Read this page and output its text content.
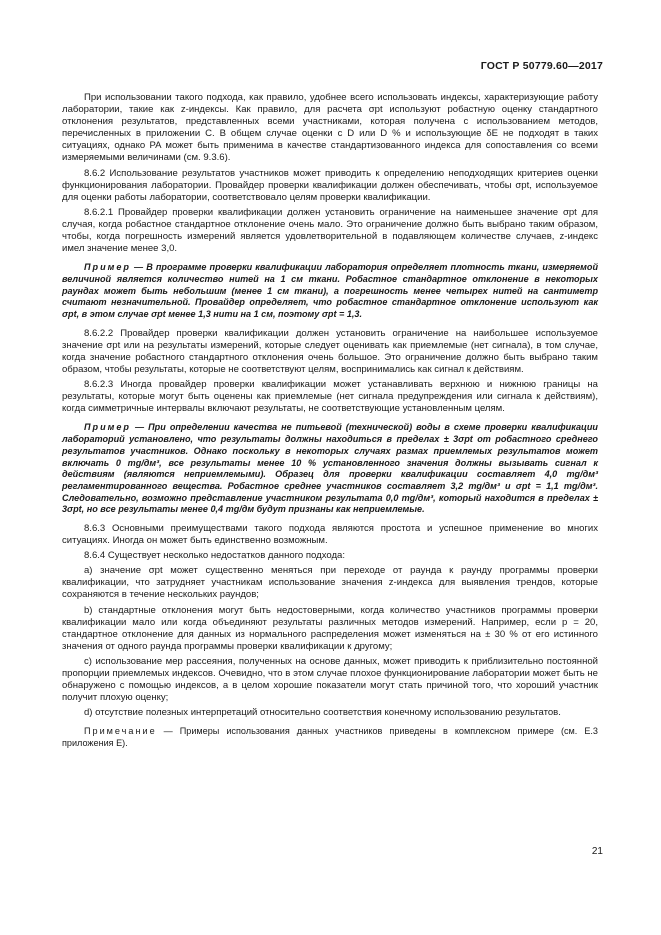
ГОСТ Р 50779.60—2017

При использовании такого подхода, как правило, удобнее всего использовать индексы, характеризующие работу лаборатории, такие как z-индексы. Как правило, для расчета σpt используют робастную оценку стандартного отклонения результатов, представленных всеми участниками, которая получена с использованием методов, перечисленных в приложении С. В общем случае оценки с D или D % и использующие δE не подходят в таких ситуациях, однако PA может быть применима в качестве стандартизованного индекса для сопоставления со всеми измеряемыми величинами (см. 9.3.6).

8.6.2 Использование результатов участников может приводить к определению неподходящих критериев оценки функционирования лаборатории. Провайдер проверки квалификации должен обеспечивать, чтобы σpt, используемое для оценки работы лаборатории, соответствовало целям проверки квалификации.

8.6.2.1 Провайдер проверки квалификации должен установить ограничение на наименьшее значение σpt для случая, когда робастное стандартное отклонение очень мало. Это ограничение должно быть выбрано таким образом, чтобы, когда погрешность измерений является удовлетворительной в подавляющем количестве случаев, z-индекс имел значение менее 3,0.

Пример — В программе проверки квалификации лаборатория определяет плотность ткани, измеряемой величиной является количество нитей на 1 см ткани. Робастное стандартное отклонение в некоторых раундах может быть небольшим (менее 1 см ткани), а погрешность менее четырех нитей на сантиметр считают незначительной. Провайдер определяет, что робастное стандартное отклонение используют как σpt, в этом случае σpt менее 1,3 нити на 1 см, поэтому σpt = 1,3.

8.6.2.2 Провайдер проверки квалификации должен установить ограничение на наибольшее используемое значение σpt или на результаты измерений, которые следует оценивать как приемлемые (нет сигнала), в том случае, когда значение робастного стандартного отклонения очень большое. Это ограничение должно быть выбрано таким образом, чтобы результаты, которые не соответствуют целям, воспринимались как сигнал к действиям.

8.6.2.3 Иногда провайдер проверки квалификации может устанавливать верхнюю и нижнюю границы на результаты, которые могут быть оценены как приемлемые (нет сигнала предупреждения или сигнала к действиям), когда симметричные интервалы включают результаты, не соответствующие установленным целям.

Пример — При определении качества не питьевой (технической) воды в схеме проверки квалификации лабораторий установлено, что результаты должны находиться в пределах ± 3σpt от робастного среднего результатов участников. Однако поскольку в некоторых случаях размах приемлемых результатов может включать 0 mg/дм³, все результаты менее 10 % установленного значения должны вызывать сигнал к действиям (являются неприемлемыми). Образец для проверки квалификации составляет 4,0 mg/дм³ регламентированного вещества. Робастное среднее участников составляет 3,2 mg/дм³ и σpt = 1,1 mg/дм³. Следовательно, возможно представление участником результата 0,0 mg/дм³, который находится в пределах ± 3σpt, но все результаты менее 0,4 mg/дм будут признаны как неприемлемые.

8.6.3 Основными преимуществами такого подхода являются простота и успешное применение во многих ситуациях. Иногда он может быть единственно возможным.

8.6.4 Существует несколько недостатков данного подхода:

a) значение σpt может существенно меняться при переходе от раунда к раунду программы проверки квалификации, что затрудняет участникам использование значения z-индекса для выявления трендов, которые сохраняются в течение нескольких раундов;

b) стандартные отклонения могут быть недостоверными, когда количество участников программы проверки квалификации мало или когда объединяют результаты различных методов измерений. Например, если p = 20, стандартное отклонение для данных из нормального распределения может изменяться на ± 30 % от его истинного значения от одного раунда программы проверки квалификации к другому;

c) использование мер рассеяния, полученных на основе данных, может приводить к приблизительно постоянной пропорции приемлемых индексов. Очевидно, что в этом случае плохое функционирование лаборатории может быть не обнаружено с помощью индексов, а в целом хорошие показатели могут стать причиной того, что хороший участник получит плохую оценку;

d) отсутствие полезных интерпретаций относительно соответствия конечному использованию результатов.

Примечание — Примеры использования данных участников приведены в комплексном примере (см. Е.3 приложения Е).

21
